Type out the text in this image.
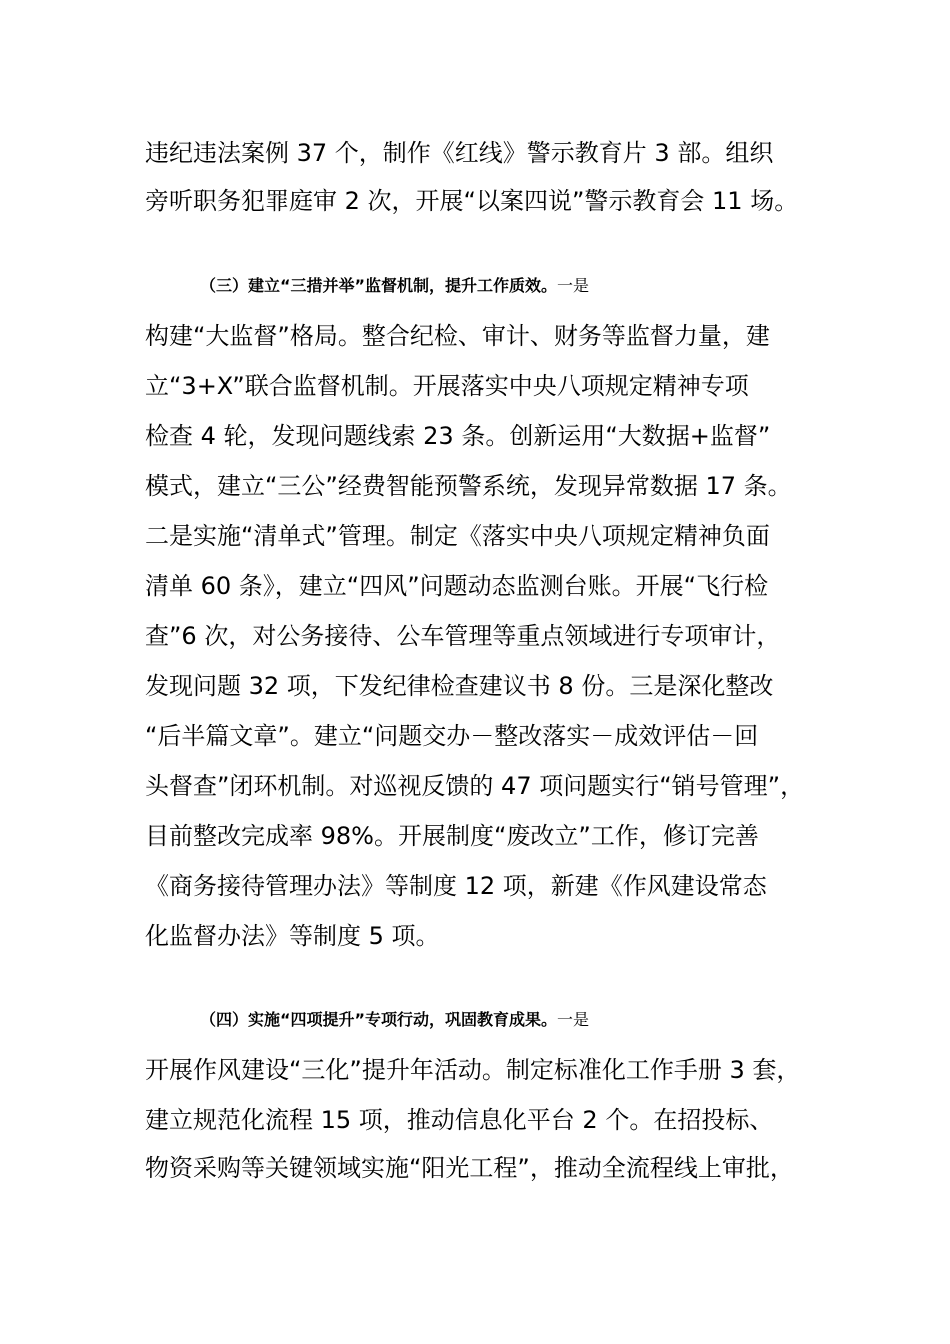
违纪违法案例 37 个，制作《红线》警示教育片 3 部。组织
旁听职务犯罪庭审 2 次，开展“以案四说”警示教育会 11 场。
（三）建立“三措并举”监督机制，提升工作质效。一是
构建“大监督”格局。整合纪检、审计、财务等监督力量，建
立“3+X”联合监督机制。开展落实中央八项规定精神专项
检查 4 轮，发现问题线索 23 条。创新运用“大数据+监督”
模式，建立“三公”经费智能预警系统，发现异常数据 17 条。
二是实施“清单式”管理。制定《落实中央八项规定精神负面
清单 60 条》，建立“四风”问题动态监测台账。开展“飞行检
查”6 次，对公务接待、公车管理等重点领域进行专项审计，
发现问题 32 项，下发纪律检查建议书 8 份。三是深化整改
“后半篇文章”。建立“问题交办－整改落实－成效评估－回
头督查”闭环机制。对巡视反馈的 47 项问题实行“销号管理”，
目前整改完成率 98%。开展制度“废改立”工作，修订完善
《商务接待管理办法》等制度 12 项，新建《作风建设常态
化监督办法》等制度 5 项。
（四）实施“四项提升”专项行动，巩固教育成果。一是
开展作风建设“三化”提升年活动。制定标准化工作手册 3 套，
建立规范化流程 15 项，推动信息化平台 2 个。在招投标、
物资采购等关键领域实施“阳光工程”，推动全流程线上审批，
